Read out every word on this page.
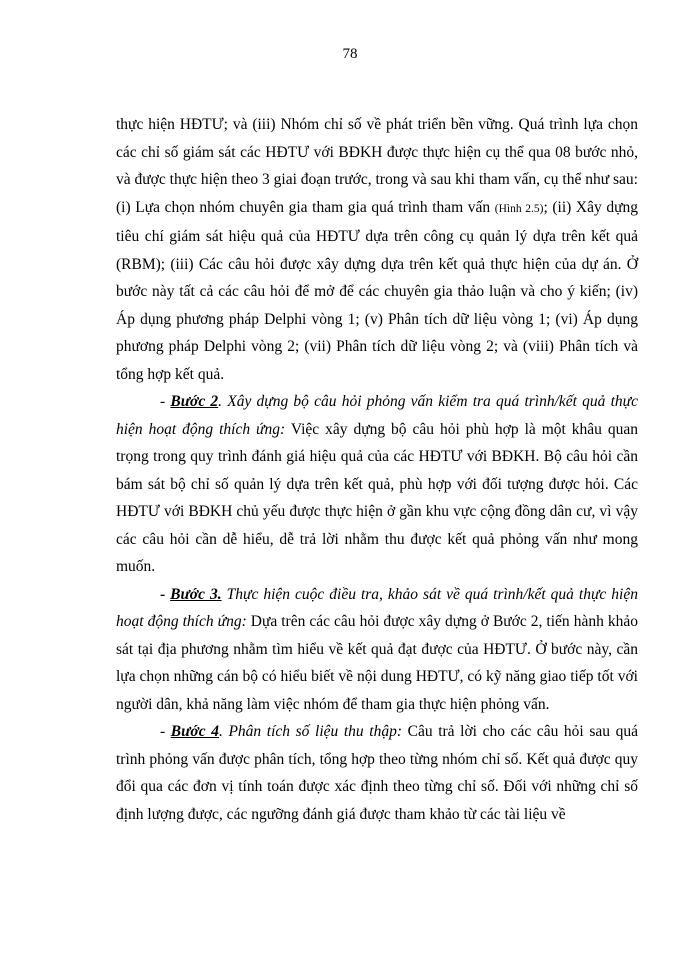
78

thực hiện HĐTƯ; và (iii) Nhóm chỉ số về phát triển bền vững. Quá trình lựa chọn các chỉ số giám sát các HĐTƯ với BĐKH được thực hiện cụ thể qua 08 bước nhỏ, và được thực hiện theo 3 giai đoạn trước, trong và sau khi tham vấn, cụ thể như sau: (i) Lựa chọn nhóm chuyên gia tham gia quá trình tham vấn (Hình 2.5); (ii) Xây dựng tiêu chí giám sát hiệu quả của HĐTƯ dựa trên công cụ quản lý dựa trên kết quả (RBM); (iii) Các câu hỏi được xây dựng dựa trên kết quả thực hiện của dự án. Ở bước này tất cả các câu hỏi để mở để các chuyên gia thảo luận và cho ý kiến; (iv) Áp dụng phương pháp Delphi vòng 1; (v) Phân tích dữ liệu vòng 1; (vi) Áp dụng phương pháp Delphi vòng 2; (vii) Phân tích dữ liệu vòng 2; và (viii) Phân tích và tổng hợp kết quả.

- Bước 2. Xây dựng bộ câu hỏi phỏng vấn kiểm tra quá trình/kết quả thực hiện hoạt động thích ứng: Việc xây dựng bộ câu hỏi phù hợp là một khâu quan trọng trong quy trình đánh giá hiệu quả của các HĐTƯ với BĐKH. Bộ câu hỏi cần bám sát bộ chỉ số quản lý dựa trên kết quả, phù hợp với đối tượng được hỏi. Các HĐTƯ với BĐKH chủ yếu được thực hiện ở gần khu vực cộng đồng dân cư, vì vậy các câu hỏi cần dễ hiểu, dễ trả lời nhằm thu được kết quả phỏng vấn như mong muốn.

- Bước 3. Thực hiện cuộc điều tra, khảo sát về quá trình/kết quả thực hiện hoạt động thích ứng: Dựa trên các câu hỏi được xây dựng ở Bước 2, tiến hành khảo sát tại địa phương nhằm tìm hiểu về kết quả đạt được của HĐTƯ. Ở bước này, cần lựa chọn những cán bộ có hiểu biết về nội dung HĐTƯ, có kỹ năng giao tiếp tốt với người dân, khả năng làm việc nhóm để tham gia thực hiện phỏng vấn.

- Bước 4. Phân tích số liệu thu thập: Câu trả lời cho các câu hỏi sau quá trình phỏng vấn được phân tích, tổng hợp theo từng nhóm chỉ số. Kết quả được quy đổi qua các đơn vị tính toán được xác định theo từng chỉ số. Đối với những chỉ số định lượng được, các ngưỡng đánh giá được tham khảo từ các tài liệu về
